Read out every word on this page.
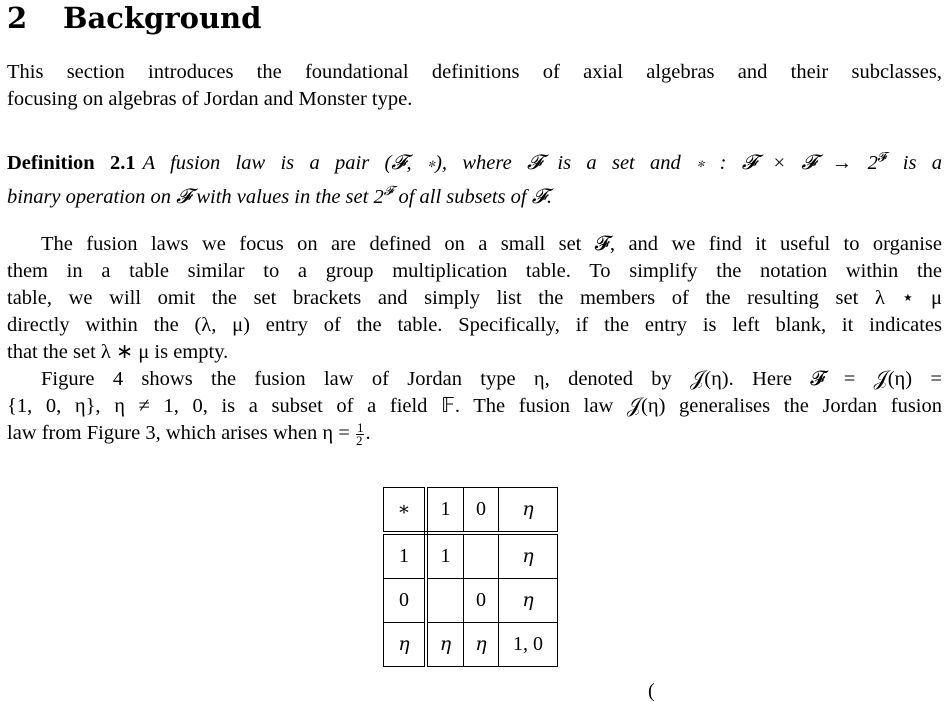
2 Background

This section introduces the foundational definitions of axial algebras and their subclasses,
focusing on algebras of Jordan and Monster type.

Definition 2.1 A fusion law is a pair (𝓕, ∗), where 𝓕 is a set and ∗ : 𝓕 × 𝓕 → $2^𝓕$ is a
binary operation on 𝓕 with values in the set $2^𝓕$ of all subsets of 𝓕.

The fusion laws we focus on are defined on a small set 𝓕, and we find it useful to organise
them in a table similar to a group multiplication table. To simplify the notation within the
table, we will omit the set brackets and simply list the members of the resulting set λ ⋆ μ
directly within the (λ, μ) entry of the table. Specifically, if the entry is left blank, it indicates
that the set λ ∗ μ is empty.
Figure 4 shows the fusion law of Jordan type η, denoted by 𝒥(η). Here 𝓕 = 𝒥(η) =
{1, 0, η}, η ≠ 1, 0, is a subset of a field 𝔽. The fusion law 𝒥(η) generalises the Jordan fusion
law from Figure 3, which arises when $\eta = \frac{1}{2}$ .
∗	1	0	η
1	1		η
0		0	η
η	η	η	1, 0
(
